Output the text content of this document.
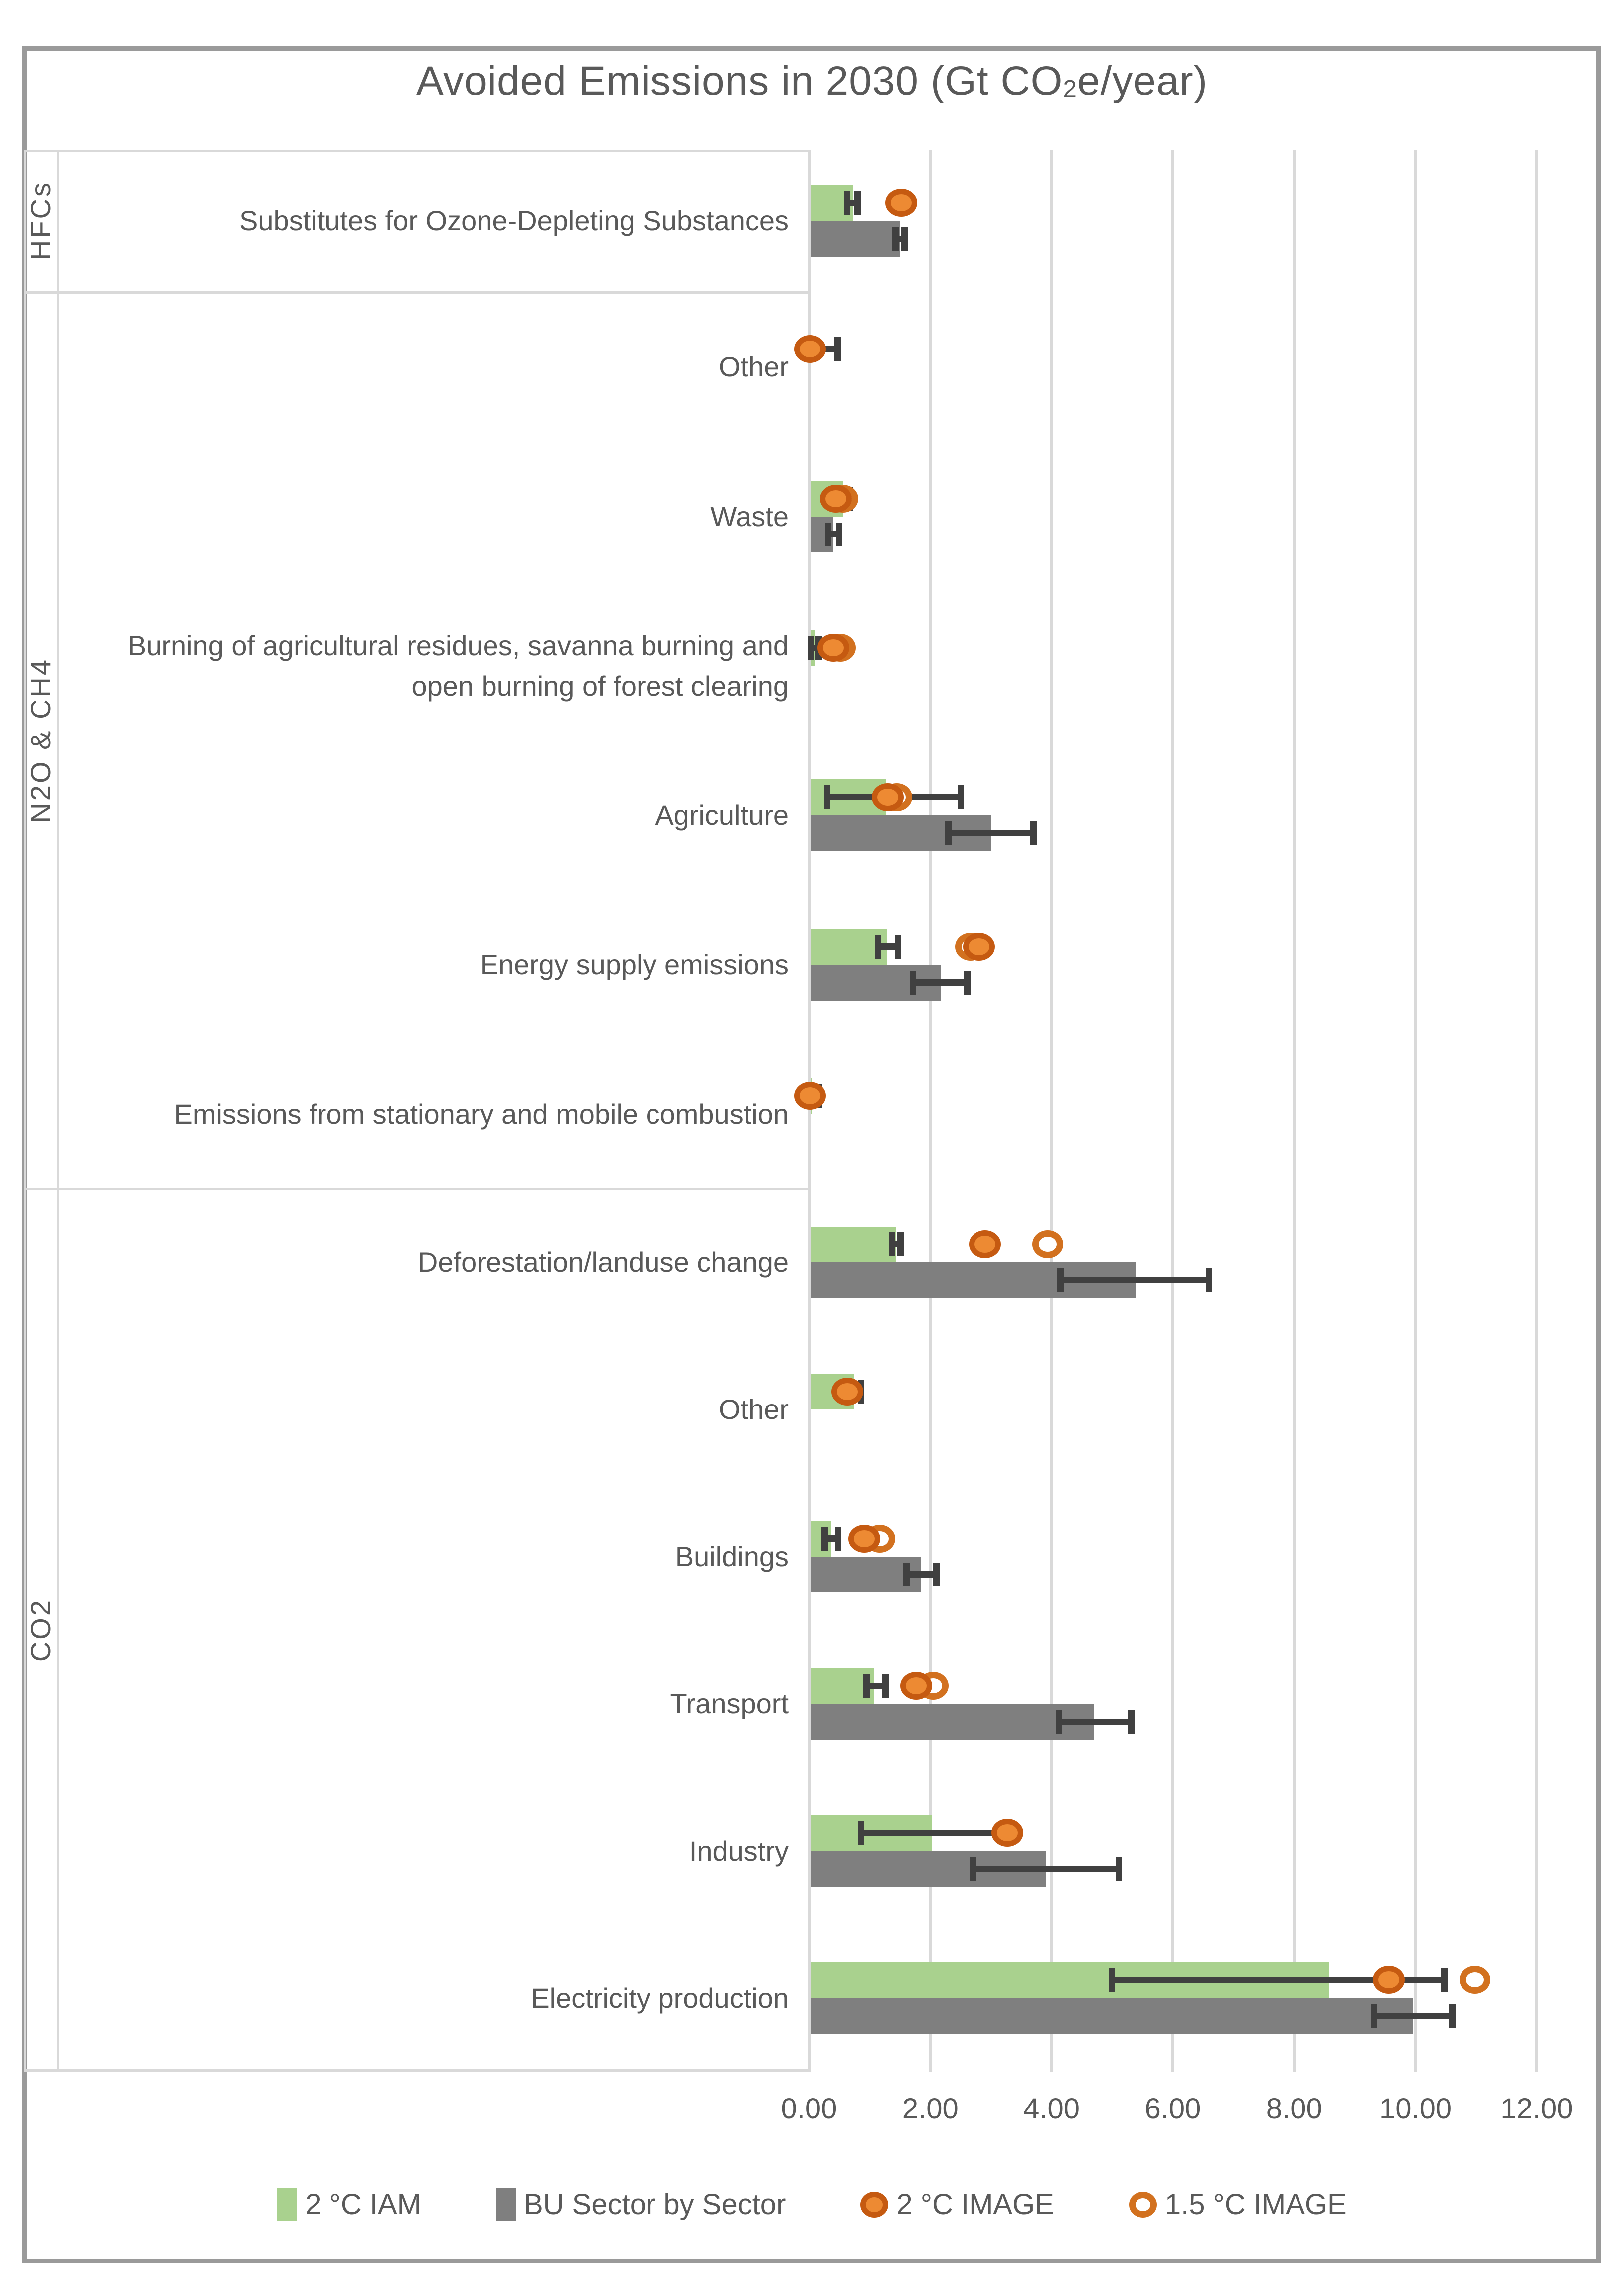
Avoided Emissions in 2030 (Gt CO2e/year)
0.00 2.00 4.00 6.00 8.00 10.00 12.00
HFCs	Substitutes for Ozone-Depleting Substances
N2O & CH4
Other
Waste
Burning of agricultural residues, savanna burning and open burning of forest clearing
Agriculture
Energy supply emissions
Emissions from stationary and mobile combustion
CO2
Deforestation/landuse change
Other
Buildings
Transport
Industry
Electricity production
2 °C IAM	BU Sector by Sector	2 °C IMAGE	1.5 °C IMAGE
